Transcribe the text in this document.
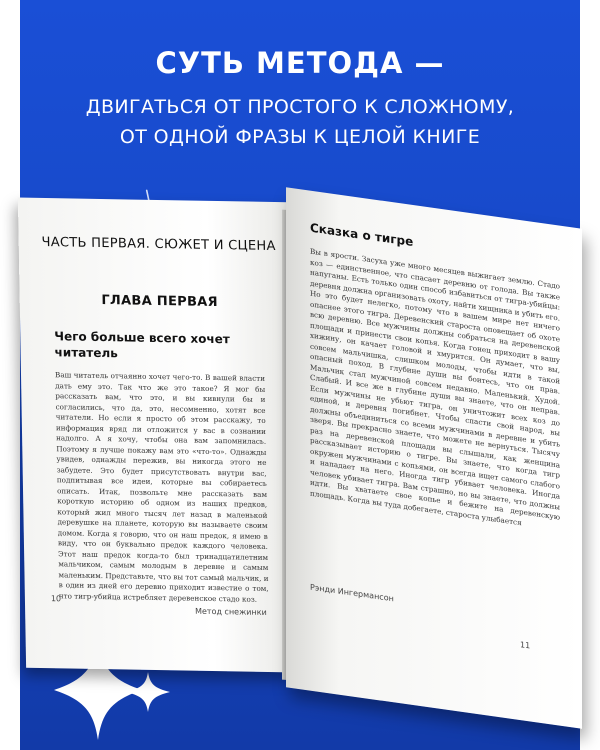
СУТЬ МЕТОДА —
ДВИГАТЬСЯ ОТ ПРОСТОГО К СЛОЖНОМУ,
ОТ ОДНОЙ ФРАЗЫ К ЦЕЛОЙ КНИГЕ
ЧАСТЬ ПЕРВАЯ. СЮЖЕТ И СЦЕНА
ГЛАВА ПЕРВАЯ
Чего больше всего хочет читатель
Ваш читатель отчаянно хочет чего-то. В вашей власти дать ему это. Так что же это такое? Я мог бы рассказать вам, что это, и вы кивнули бы и согласились, что да, это, несомненно, хотят все читатели. Но если я просто об этом расскажу, то информация вряд ли отложится у вас в сознании надолго. А я хочу, чтобы она вам запомнилась. Поэтому я лучше покажу вам это «что-то». Однажды увидев, однажды пережив, вы никогда этого не забудете. Это будет присутствовать внутри вас, подпитывая все идеи, которые вы собираетесь описать. Итак, позвольте мне рассказать вам короткую историю об одном из наших предков, который жил много тысяч лет назад в маленькой деревушке на планете, которую вы называете своим домом. Когда я говорю, что он наш предок, я имею в виду, что он буквально предок каждого человека. Этот наш предок когда-то был тринадцатилетним мальчиком, самым молодым в деревне и самым маленьким. Представьте, что вы тот самый мальчик, и в один из дней его деревно приходит известие о том, что тигр-убийца истребляет деревенское стадо коз.
10
Метод снежинки
Сказка о тигре
Вы в ярости. Засуха уже много месяцев выжигает землю. Стадо коз — единственное, что спасает деревню от голода. Вы также напуганы. Есть только один способ избавиться от тигра-убийцы: деревня должна организовать охоту, найти хищника и убить его. Но это будет нелегко, потому что в вашем мире нет ничего опаснее этого тигра. Деревенский староста оповещает об охоте всю деревню. Все мужчины должны собраться на деревенской площади и принести свои копья. Когда гонец приходит в вашу хижину, он качает головой и хмурится. Он думает, что вы, совсем мальчишка, слишком молоды, чтобы идти в такой опасный поход. В глубине души вы боитесь, что он прав. Мальчик стал мужчиной совсем недавно. Маленький. Худой. Слабый. И все же в глубине души вы знаете, что он неправ. Если мужчины не убьют тигра, он уничтожит всех коз до единой, и деревня погибнет. Чтобы спасти свой народ, вы должны объединиться со всеми мужчинами в деревне и убить зверя. Вы прекрасно знаете, что можете не вернуться. Тысячу раз на деревенской площади вы слышали, как женщина рассказывает историю о тигре. Вы знаете, что когда тигр окружен мужчинами с копьями, он всегда ищет самого слабого и нападает на него. Иногда тигр убивает человека. Иногда человек убивает тигра. Вам страшно, но вы знаете, что должны идти. Вы хватаете свое копье и бежите на деревенскую площадь. Когда вы туда добегаете, староста улыбается
Рэнди Ингермансон
11
